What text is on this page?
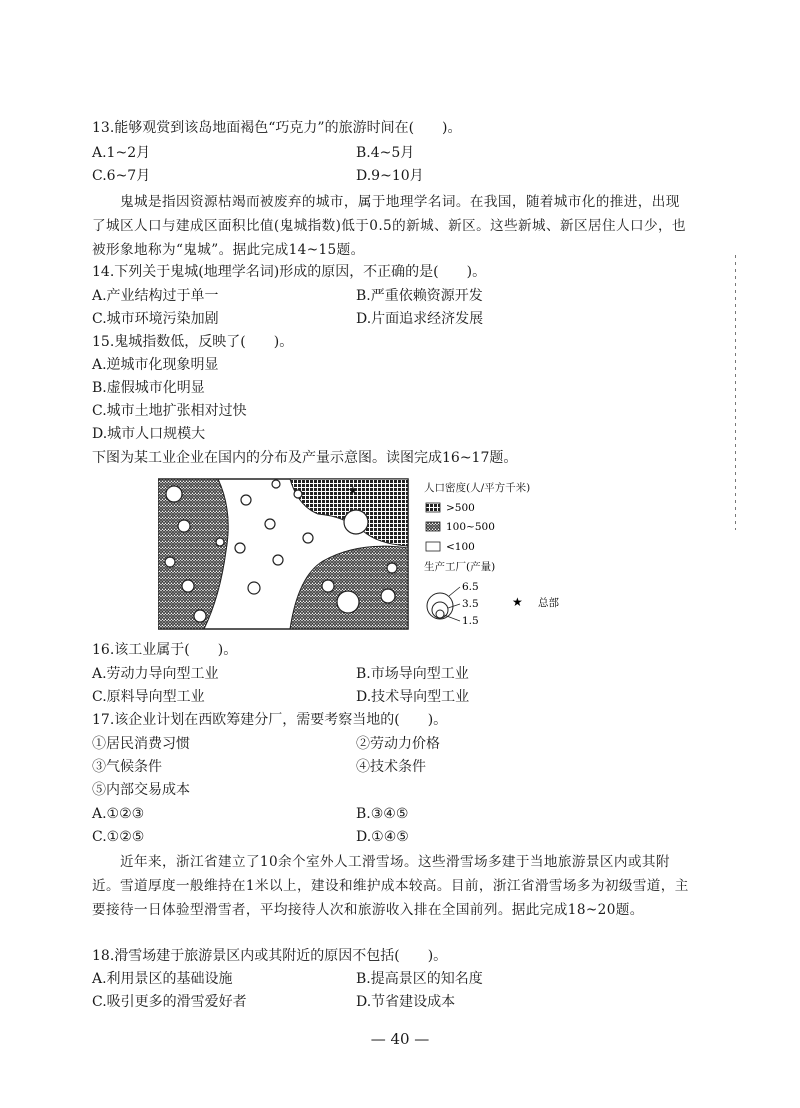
13.能够观赏到该岛地面褐色“巧克力”的旅游时间在(　　)。
A.1~2月	B.4~5月
C.6~7月	D.9~10月
鬼城是指因资源枯竭而被废弃的城市，属于地理学名词。在我国，随着城市化的推进，出现了城区人口与建成区面积比值(鬼城指数)低于0.5的新城、新区。这些新城、新区居住人口少，也被形象地称为“鬼城”。据此完成14~15题。
14.下列关于鬼城(地理学名词)形成的原因，不正确的是(　　)。
A.产业结构过于单一	B.严重依赖资源开发
C.城市环境污染加剧	D.片面追求经济发展
15.鬼城指数低，反映了(　　)。
A.逆城市化现象明显
B.虚假城市化明显
C.城市土地扩张相对过快
D.城市人口规模大
下图为某工业企业在国内的分布及产量示意图。读图完成16~17题。
★	人口密度(人/平方千米)
>500
100~500
<100
生产工厂(产量)
6.5
3.5
1.5
★ 总部
16.该工业属于(　　)。
A.劳动力导向型工业	B.市场导向型工业
C.原料导向型工业	D.技术导向型工业
17.该企业计划在西欧筹建分厂，需要考察当地的(　　)。
①居民消费习惯	②劳动力价格
③气候条件	④技术条件
⑤内部交易成本
A.①②③	B.③④⑤
C.①②⑤	D.①④⑤
近年来，浙江省建立了10余个室外人工滑雪场。这些滑雪场多建于当地旅游景区内或其附近。雪道厚度一般维持在1米以上，建设和维护成本较高。目前，浙江省滑雪场多为初级雪道，主要接待一日体验型滑雪者，平均接待人次和旅游收入排在全国前列。据此完成18~20题。
18.滑雪场建于旅游景区内或其附近的原因不包括(　　)。
A.利用景区的基础设施	B.提高景区的知名度
C.吸引更多的滑雪爱好者	D.节省建设成本
— 40 —
